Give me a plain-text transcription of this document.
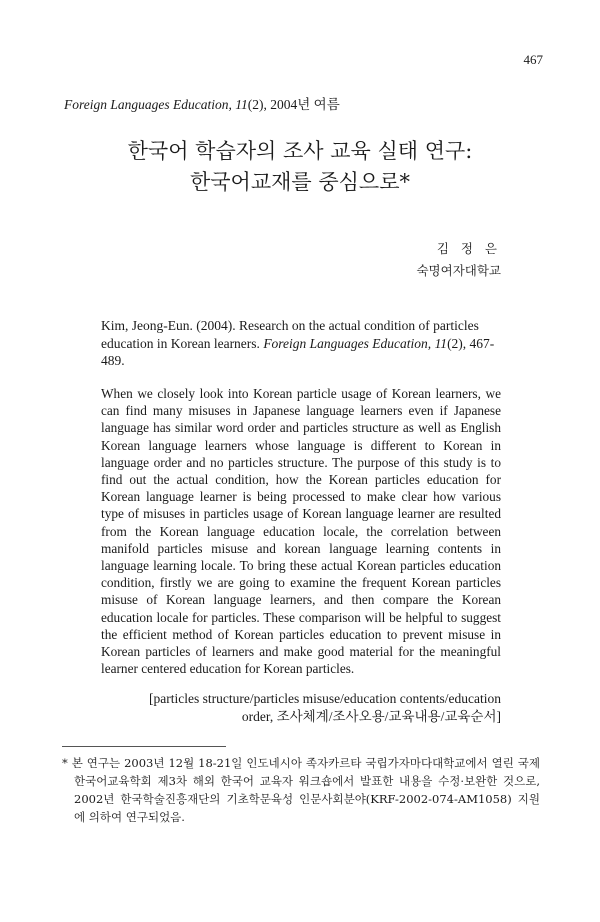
467
Foreign Languages Education, 11(2), 2004년 여름
한국어 학습자의 조사 교육 실태 연구:
한국어교재를 중심으로*
김 정 은
숙명여자대학교
Kim, Jeong-Eun. (2004). Research on the actual condition of particles education in Korean learners. Foreign Languages Education, 11(2), 467-489.
When we closely look into Korean particle usage of Korean learners, we can find many misuses in Japanese language learners even if Japanese language has similar word order and particles structure as well as English Korean language learners whose language is different to Korean in language order and no particles structure. The purpose of this study is to find out the actual condition, how the Korean particles education for Korean language learner is being processed to make clear how various type of misuses in particles usage of Korean language learner are resulted from the Korean language education locale, the correlation between manifold particles misuse and korean language learning contents in language learning locale. To bring these actual Korean particles education condition, firstly we are going to examine the frequent Korean particles misuse of Korean language learners, and then compare the Korean education locale for particles. These comparison will be helpful to suggest the efficient method of Korean particles education to prevent misuse in Korean particles of learners and make good material for the meaningful learner centered education for Korean particles.
[particles structure/particles misuse/education contents/education
order, 조사체계/조사오용/교육내용/교육순서]
* 본 연구는 2003년 12월 18-21일 인도네시아 족자카르타 국립가자마다대학교에서 열린 국제 한국어교육학회 제3차 해외 한국어 교육자 워크숍에서 발표한 내용을 수정·보완한 것으로, 2002년 한국학술진흥재단의 기초학문육성 인문사회분야(KRF-2002-074-AM1058) 지원에 의하여 연구되었음.
